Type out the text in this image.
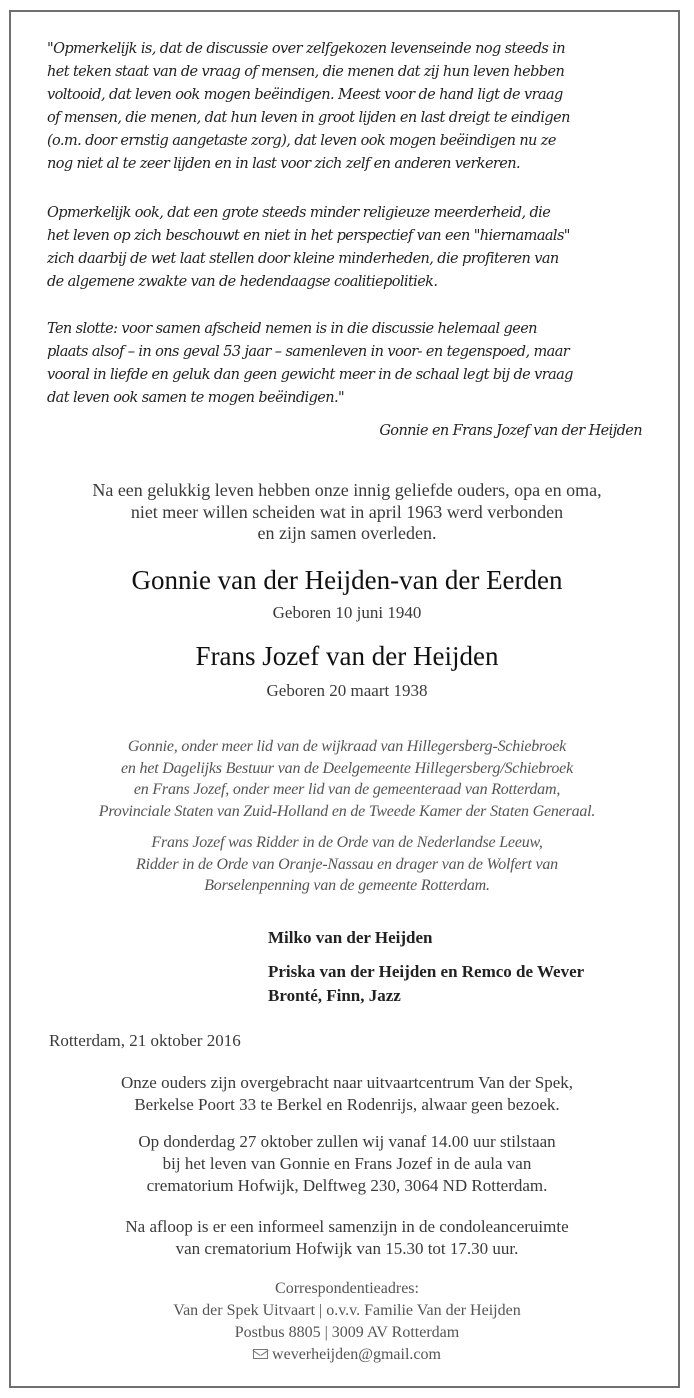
"Opmerkelijk is, dat de discussie over zelfgekozen levenseinde nog steeds in
het teken staat van de vraag of mensen, die menen dat zij hun leven hebben
voltooid, dat leven ook mogen beëindigen. Meest voor de hand ligt de vraag
of mensen, die menen, dat hun leven in groot lijden en last dreigt te eindigen
(o.m. door ernstig aangetaste zorg), dat leven ook mogen beëindigen nu ze
nog niet al te zeer lijden en in last voor zich zelf en anderen verkeren.
Opmerkelijk ook, dat een grote steeds minder religieuze meerderheid, die
het leven op zich beschouwt en niet in het perspectief van een "hiernamaals"
zich daarbij de wet laat stellen door kleine minderheden, die profiteren van
de algemene zwakte van de hedendaagse coalitiepolitiek.
Ten slotte: voor samen afscheid nemen is in die discussie helemaal geen
plaats alsof – in ons geval 53 jaar – samenleven in voor- en tegenspoed, maar
vooral in liefde en geluk dan geen gewicht meer in de schaal legt bij de vraag
dat leven ook samen te mogen beëindigen."
Gonnie en Frans Jozef van der Heijden
Na een gelukkig leven hebben onze innig geliefde ouders, opa en oma,
niet meer willen scheiden wat in april 1963 werd verbonden
en zijn samen overleden.
Gonnie van der Heijden-van der Eerden
Geboren 10 juni 1940
Frans Jozef van der Heijden
Geboren 20 maart 1938
Gonnie, onder meer lid van de wijkraad van Hillegersberg-Schiebroek
en het Dagelijks Bestuur van de Deelgemeente Hillegersberg/Schiebroek
en Frans Jozef, onder meer lid van de gemeenteraad van Rotterdam,
Provinciale Staten van Zuid-Holland en de Tweede Kamer der Staten Generaal.
Frans Jozef was Ridder in de Orde van de Nederlandse Leeuw,
Ridder in de Orde van Oranje-Nassau en drager van de Wolfert van
Borselenpenning van de gemeente Rotterdam.
Milko van der Heijden
Priska van der Heijden en Remco de Wever
Bronté, Finn, Jazz
Rotterdam, 21 oktober 2016
Onze ouders zijn overgebracht naar uitvaartcentrum Van der Spek,
Berkelse Poort 33 te Berkel en Rodenrijs, alwaar geen bezoek.
Op donderdag 27 oktober zullen wij vanaf 14.00 uur stilstaan
bij het leven van Gonnie en Frans Jozef in de aula van
crematorium Hofwijk, Delftweg 230, 3064 ND Rotterdam.
Na afloop is er een informeel samenzijn in de condoleanceruimte
van crematorium Hofwijk van 15.30 tot 17.30 uur.
Correspondentieadres:
Van der Spek Uitvaart | o.v.v. Familie Van der Heijden
Postbus 8805 | 3009 AV Rotterdam
weverheijden@gmail.com
